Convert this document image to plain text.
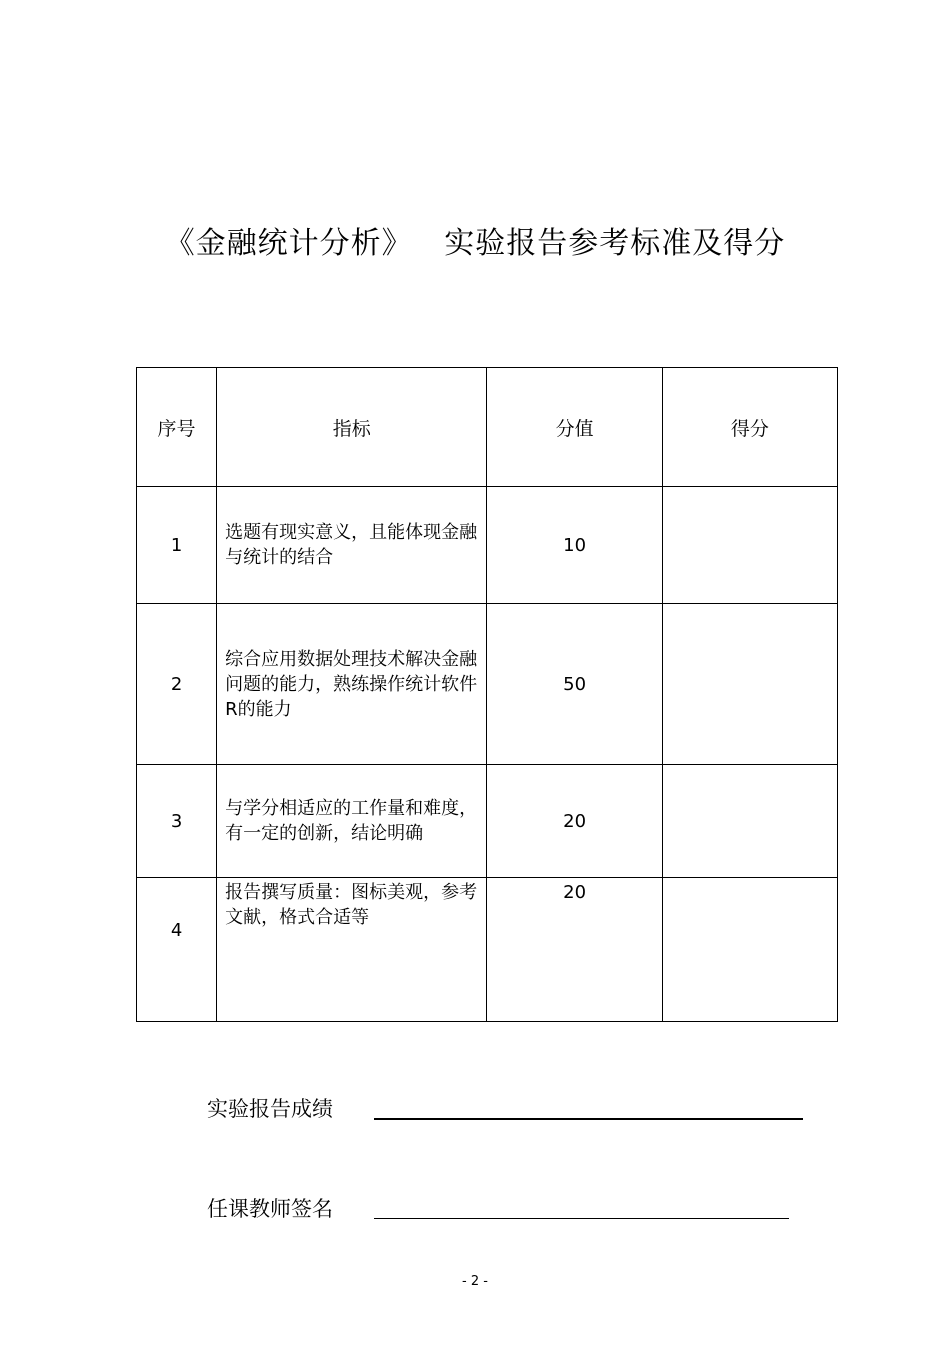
《金融统计分析》   实验报告参考标准及得分
序号	指标	分值	得分
1	选题有现实意义，且能体现金融与统计的结合	10	
2	综合应用数据处理技术解决金融问题的能力，熟练操作统计软件 R的能力	50	
3	与学分相适应的工作量和难度，有一定的创新，结论明确	20	
4	报告撰写质量：图标美观，参考文献，格式合适等	20	
实验报告成绩
任课教师签名
- 2 -
